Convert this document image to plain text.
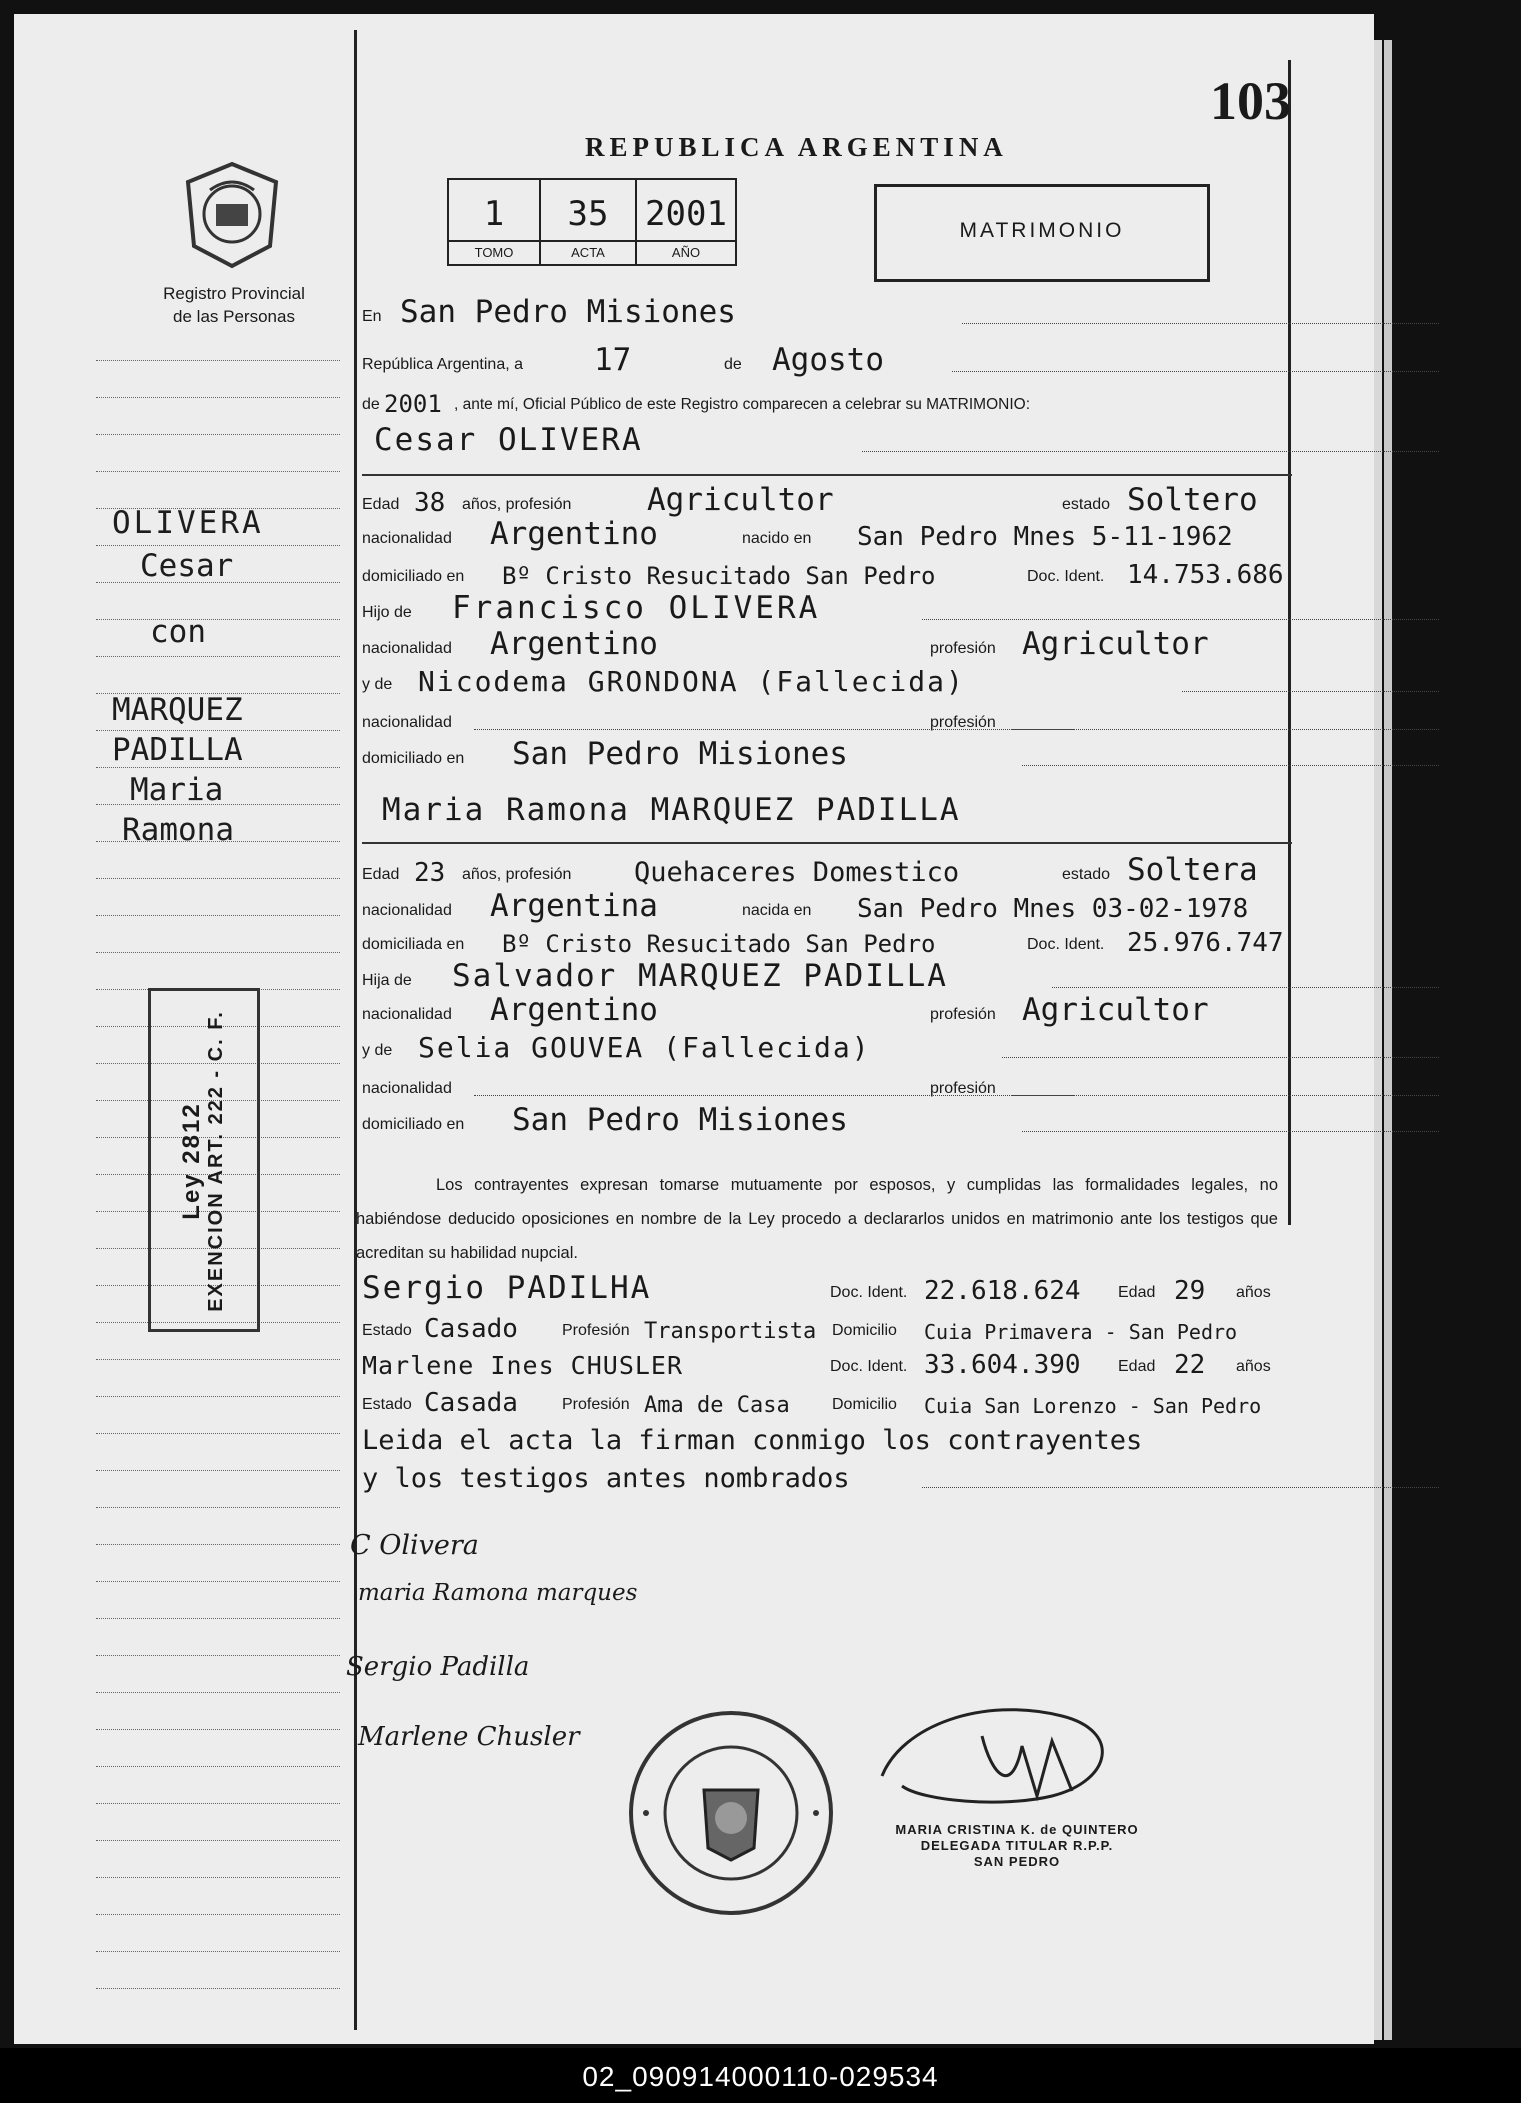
103
REPUBLICA ARGENTINA
Registro Provincial
de las Personas
1
TOMO
35
ACTA
2001
AÑO
MATRIMONIO
OLIVERA
Cesar
con
MARQUEZ
PADILLA
Maria
Ramona
Ley 2812 EXENCION ART. 222 - C. F.
En San Pedro Misiones
República Argentina, a 17	de Agosto
de 2001 , ante mí, Oficial Público de este Registro comparecen a celebrar su MATRIMONIO:
Cesar OLIVERA
Edad 38 años, profesión Agricultor	estado Soltero
nacionalidad Argentino	nacido en San Pedro Mnes 5-11-1962
domiciliado en Bº Cristo Resucitado San Pedro	Doc. Ident. 14.753.686
Hijo de Francisco OLIVERA
nacionalidad Argentino	profesión Agricultor
y de Nicodema GRONDONA (Fallecida)
nacionalidad	profesión
domiciliado en San Pedro Misiones
Maria Ramona MARQUEZ PADILLA
Edad 23 años, profesión Quehaceres Domestico	estado Soltera
nacionalidad Argentina	nacida en San Pedro Mnes 03-02-1978
domiciliada en Bº Cristo Resucitado San Pedro	Doc. Ident. 25.976.747
Hija de Salvador MARQUEZ PADILLA
nacionalidad Argentino	profesión Agricultor
y de Selia GOUVEA (Fallecida)
nacionalidad	profesión
domiciliado en San Pedro Misiones
Los contrayentes expresan tomarse mutuamente por esposos, y cumplidas las formalidades legales, no habiéndose deducido oposiciones en nombre de la Ley procedo a declararlos unidos en matrimonio ante los testigos que acreditan su habilidad nupcial.
Sergio PADILHA	Doc. Ident. 22.618.624 Edad 29 años
Estado Casado	Profesión Transportista Domicilio Cuia Primavera - San Pedro
Marlene Ines CHUSLER	Doc. Ident. 33.604.390 Edad 22 años
Estado Casada	Profesión Ama de Casa	Domicilio Cuia San Lorenzo - San Pedro
Leida el acta la firman conmigo los contrayentes
y los testigos antes nombrados
C Olivera
maria Ramona marques
Sergio Padilla
Marlene Chusler
MARIA CRISTINA K. de QUINTERO
DELEGADA TITULAR R.P.P.
SAN PEDRO
02_090914000110-029534
